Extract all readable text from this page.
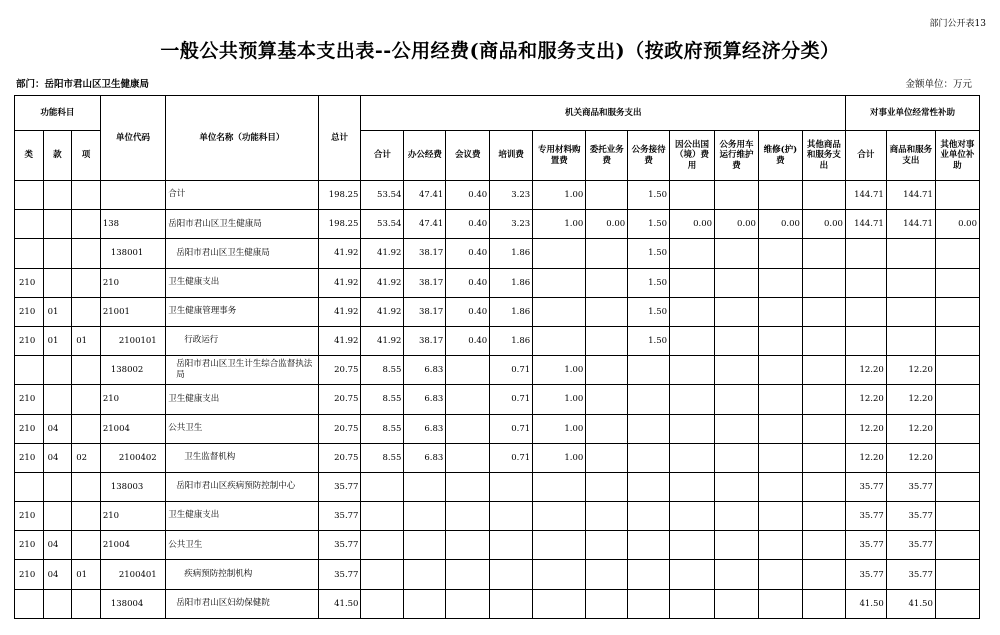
部门公开表13
一般公共预算基本支出表--公用经费(商品和服务支出)（按政府预算经济分类）
部门：岳阳市君山区卫生健康局	金额单位：万元
功能科目			单位代码	单位名称（功能科目）	总计	机关商品和服务支出											对事业单位经常性补助		
类	款	项				合计	办公经费	会议费	培训费	专用材料购置费	委托业务费	公务接待费	因公出国（境）费用	公务用车运行维护费	维修(护)费	其他商品和服务支出	合计	商品和服务支出	其他对事业单位补助
				合计	198.25	53.54	47.41	0.40	3.23	1.00		1.50					144.71	144.71	
			138	岳阳市君山区卫生健康局	198.25	53.54	47.41	0.40	3.23	1.00	0.00	1.50	0.00	0.00	0.00	0.00	144.71	144.71	0.00
			138001	岳阳市君山区卫生健康局	41.92	41.92	38.17	0.40	1.86			1.50							
210			210	卫生健康支出	41.92	41.92	38.17	0.40	1.86			1.50							
210	01		21001	卫生健康管理事务	41.92	41.92	38.17	0.40	1.86			1.50							
210	01	01	2100101	行政运行	41.92	41.92	38.17	0.40	1.86			1.50							
			138002	岳阳市君山区卫生计生综合监督执法局	20.75	8.55	6.83		0.71	1.00							12.20	12.20	
210			210	卫生健康支出	20.75	8.55	6.83		0.71	1.00							12.20	12.20	
210	04		21004	公共卫生	20.75	8.55	6.83		0.71	1.00							12.20	12.20	
210	04	02	2100402	卫生监督机构	20.75	8.55	6.83		0.71	1.00							12.20	12.20	
			138003	岳阳市君山区疾病预防控制中心	35.77												35.77	35.77	
210			210	卫生健康支出	35.77												35.77	35.77	
210	04		21004	公共卫生	35.77												35.77	35.77	
210	04	01	2100401	疾病预防控制机构	35.77												35.77	35.77	
			138004	岳阳市君山区妇幼保健院	41.50												41.50	41.50	
